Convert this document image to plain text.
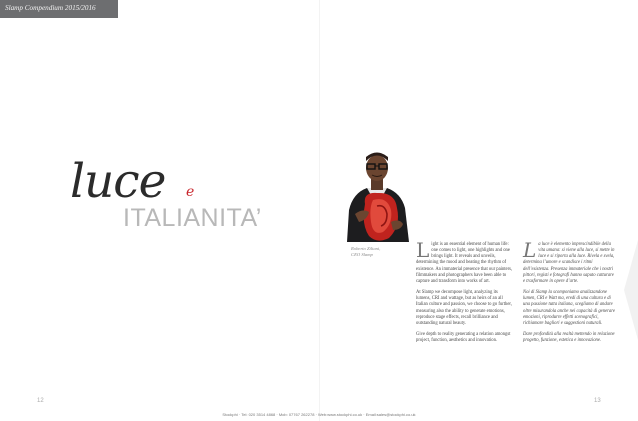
Slamp Compendium 2015/2016
luce e
ITALIANITA’
Roberto Ziliani,
CEO Slamp	Light is an essential element of human life: one comes to light, one highlights and one brings light. It reveals and unveils, determining the mood and beating the rhythm of existence. An immaterial presence that our painters, filmmakers and photographers have been able to capture and transform into works of art.

At Slamp we decompose light, analyzing its lumens, CRI and wattage, but as heirs of an all Italian culture and passion, we choose to go further, measuring also the ability to generate emotions, reproduce stage effects, recall brilliance and outstanding natural beauty.

Give depth to reality generating a relation amongst project, function, aesthetics and innovation.

La luce è elemento imprescindibile della vita umana: si viene alla luce, si mette in luce e si riporta alla luce. Rivela e svela, determina l’umore e scandisce i ritmi dell’esistenza. Presenza immateriale che i nostri pittori, registi e fotografi hanno saputo catturare e trasformare in opere d’arte.

Noi di Slamp la scomponiamo analizzandone lumen, CRI e Watt ma, eredi di una cultura e di una passione tutta italiana, scegliamo di andare oltre misurandola anche nei capacità di generare emozioni, riprodurre effetti scenografici, richiamare bagliori e suggestioni naturali.

Dare profondità alla realtà mettendo in relazione progetto, funzione, estetica e innovazione.

12	13
Stockphi · Tel: 020 3514 4868 · Mob: 07767 262278 · Web:www.stockphi.co.uk · Email:sales@stockphi.co.uk
